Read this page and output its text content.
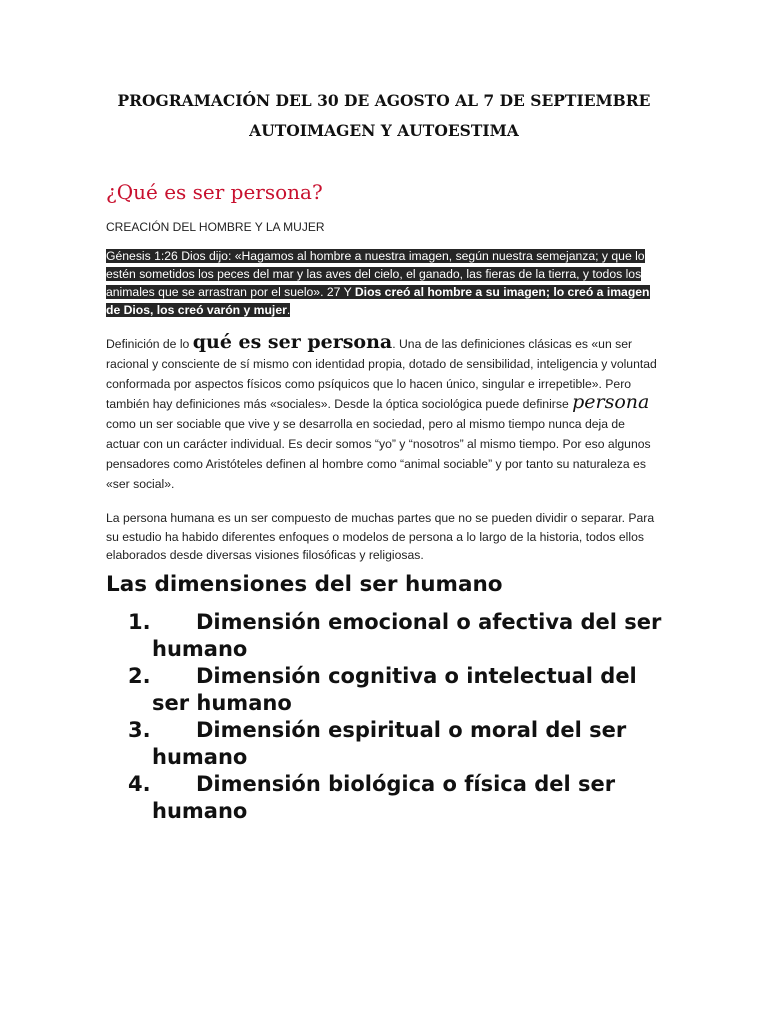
PROGRAMACIÓN DEL 30 DE AGOSTO AL 7 DE SEPTIEMBRE
AUTOIMAGEN Y AUTOESTIMA
¿Qué es ser persona?
CREACIÓN DEL HOMBRE Y LA MUJER
Génesis 1:26 Dios dijo: «Hagamos al hombre a nuestra imagen, según nuestra semejanza; y que lo estén sometidos los peces del mar y las aves del cielo, el ganado, las fieras de la tierra, y todos los animales que se arrastran por el suelo». 27 Y Dios creó al hombre a su imagen; lo creó a imagen de Dios, los creó varón y mujer.
Definición de lo qué es ser persona. Una de las definiciones clásicas es «un ser racional y consciente de sí mismo con identidad propia, dotado de sensibilidad, inteligencia y voluntad conformada por aspectos físicos como psíquicos que lo hacen único, singular e irrepetible». Pero también hay definiciones más «sociales». Desde la óptica sociológica puede definirse persona como un ser sociable que vive y se desarrolla en sociedad, pero al mismo tiempo nunca deja de actuar con un carácter individual. Es decir somos “yo” y “nosotros” al mismo tiempo. Por eso algunos pensadores como Aristóteles definen al hombre como “animal sociable” y por tanto su naturaleza es «ser social».
La persona humana es un ser compuesto de muchas partes que no se pueden dividir o separar. Para su estudio ha habido diferentes enfoques o modelos de persona a lo largo de la historia, todos ellos elaborados desde diversas visiones filosóficas y religiosas.
Las dimensiones del ser humano
1. Dimensión emocional o afectiva del ser humano
2. Dimensión cognitiva o intelectual del ser humano
3. Dimensión espiritual o moral del ser humano
4. Dimensión biológica o física del ser humano
